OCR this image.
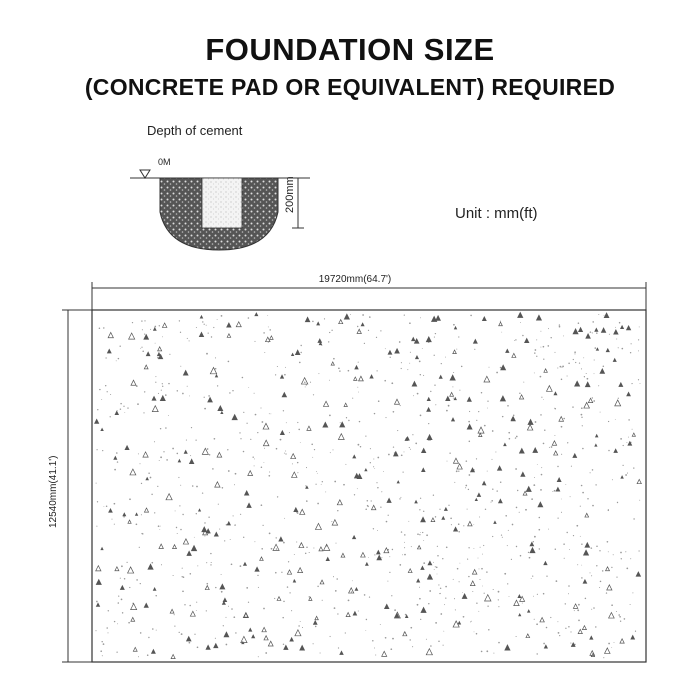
FOUNDATION SIZE
(CONCRETE PAD OR EQUIVALENT) REQUIRED
Depth of cement
0M
200mm
Unit : mm(ft)
19720mm(64.7')
12540mm(41.1')
